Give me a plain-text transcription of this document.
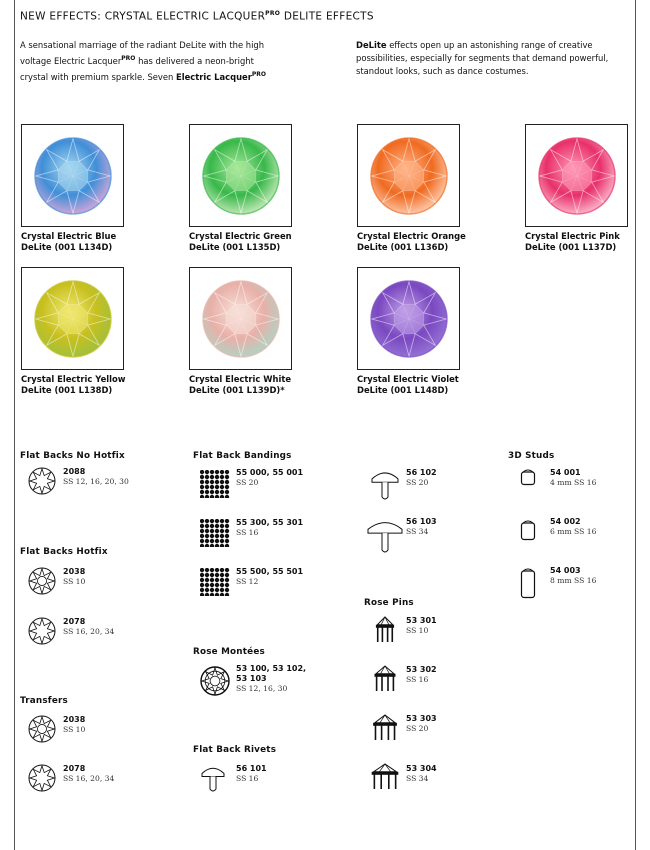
NEW EFFECTS: CRYSTAL ELECTRIC $LACQUER^{PRO}$ DELITE EFFECTS
A sensational marriage of the radiant DeLite with the high
voltage Electric Lacquer$^{PRO}$ has delivered a neon-bright
crystal with premium sparkle. Seven Electric Lacquer$^{PRO}$
DeLite effects open up an astonishing range of creative
possibilities, especially for segments that demand powerful,
standout looks, such as dance costumes.
Crystal Electric Blue
DeLite (001 L134D)
Crystal Electric Green
DeLite (001 L135D)
Crystal Electric Orange
DeLite (001 L136D)
Crystal Electric Pink
DeLite (001 L137D)
Crystal Electric Yellow
DeLite (001 L138D)
Crystal Electric White
DeLite (001 L139D)*
Crystal Electric Violet
DeLite (001 L148D)
Flat Backs No Hotfix
Flat Backs Hotfix
Transfers
Flat Back Bandings
Rose Montées
Flat Back Rivets
Rose Pins
3D Studs
2088
SS 12, 16, 20, 30
2038
SS 10
2078
SS 16, 20, 34
2038
SS 10
2078
SS 16, 20, 34
55 000, 55 001
SS 20
55 300, 55 301
SS 16
55 500, 55 501
SS 12
53 100, 53 102,
53 103
SS 12, 16, 30
56 101
SS 16
56 102
SS 20
56 103
SS 34
53 301
SS 10
53 302
SS 16
53 303
SS 20
53 304
SS 34
54 001
4 mm SS 16
54 002
6 mm SS 16
54 003
8 mm SS 16
